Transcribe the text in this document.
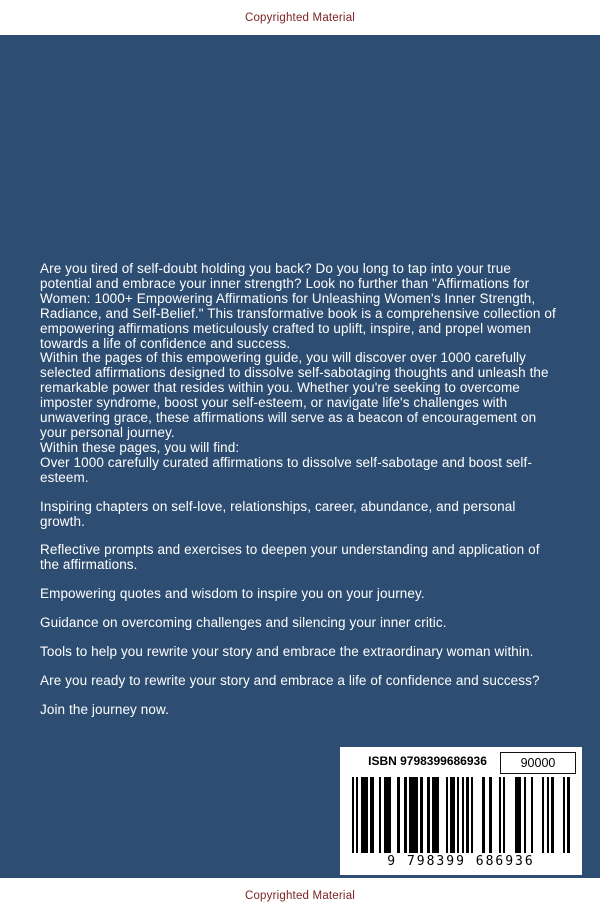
Copyrighted Material

Are you tired of self-doubt holding you back? Do you long to tap into your true potential and embrace your inner strength? Look no further than "Affirmations for Women: 1000+ Empowering Affirmations for Unleashing Women's Inner Strength, Radiance, and Self-Belief." This transformative book is a comprehensive collection of empowering affirmations meticulously crafted to uplift, inspire, and propel women towards a life of confidence and success.

Within the pages of this empowering guide, you will discover over 1000 carefully selected affirmations designed to dissolve self-sabotaging thoughts and unleash the remarkable power that resides within you. Whether you're seeking to overcome imposter syndrome, boost your self-esteem, or navigate life's challenges with unwavering grace, these affirmations will serve as a beacon of encouragement on your personal journey.

Within these pages, you will find:

Over 1000 carefully curated affirmations to dissolve self-sabotage and boost self-esteem.

Inspiring chapters on self-love, relationships, career, abundance, and personal growth.

Reflective prompts and exercises to deepen your understanding and application of the affirmations.

Empowering quotes and wisdom to inspire you on your journey.

Guidance on overcoming challenges and silencing your inner critic.

Tools to help you rewrite your story and embrace the extraordinary woman within.

Are you ready to rewrite your story and embrace a life of confidence and success?

Join the journey now.

ISBN 9798399686936	90000
9 798399 686936
Copyrighted Material
